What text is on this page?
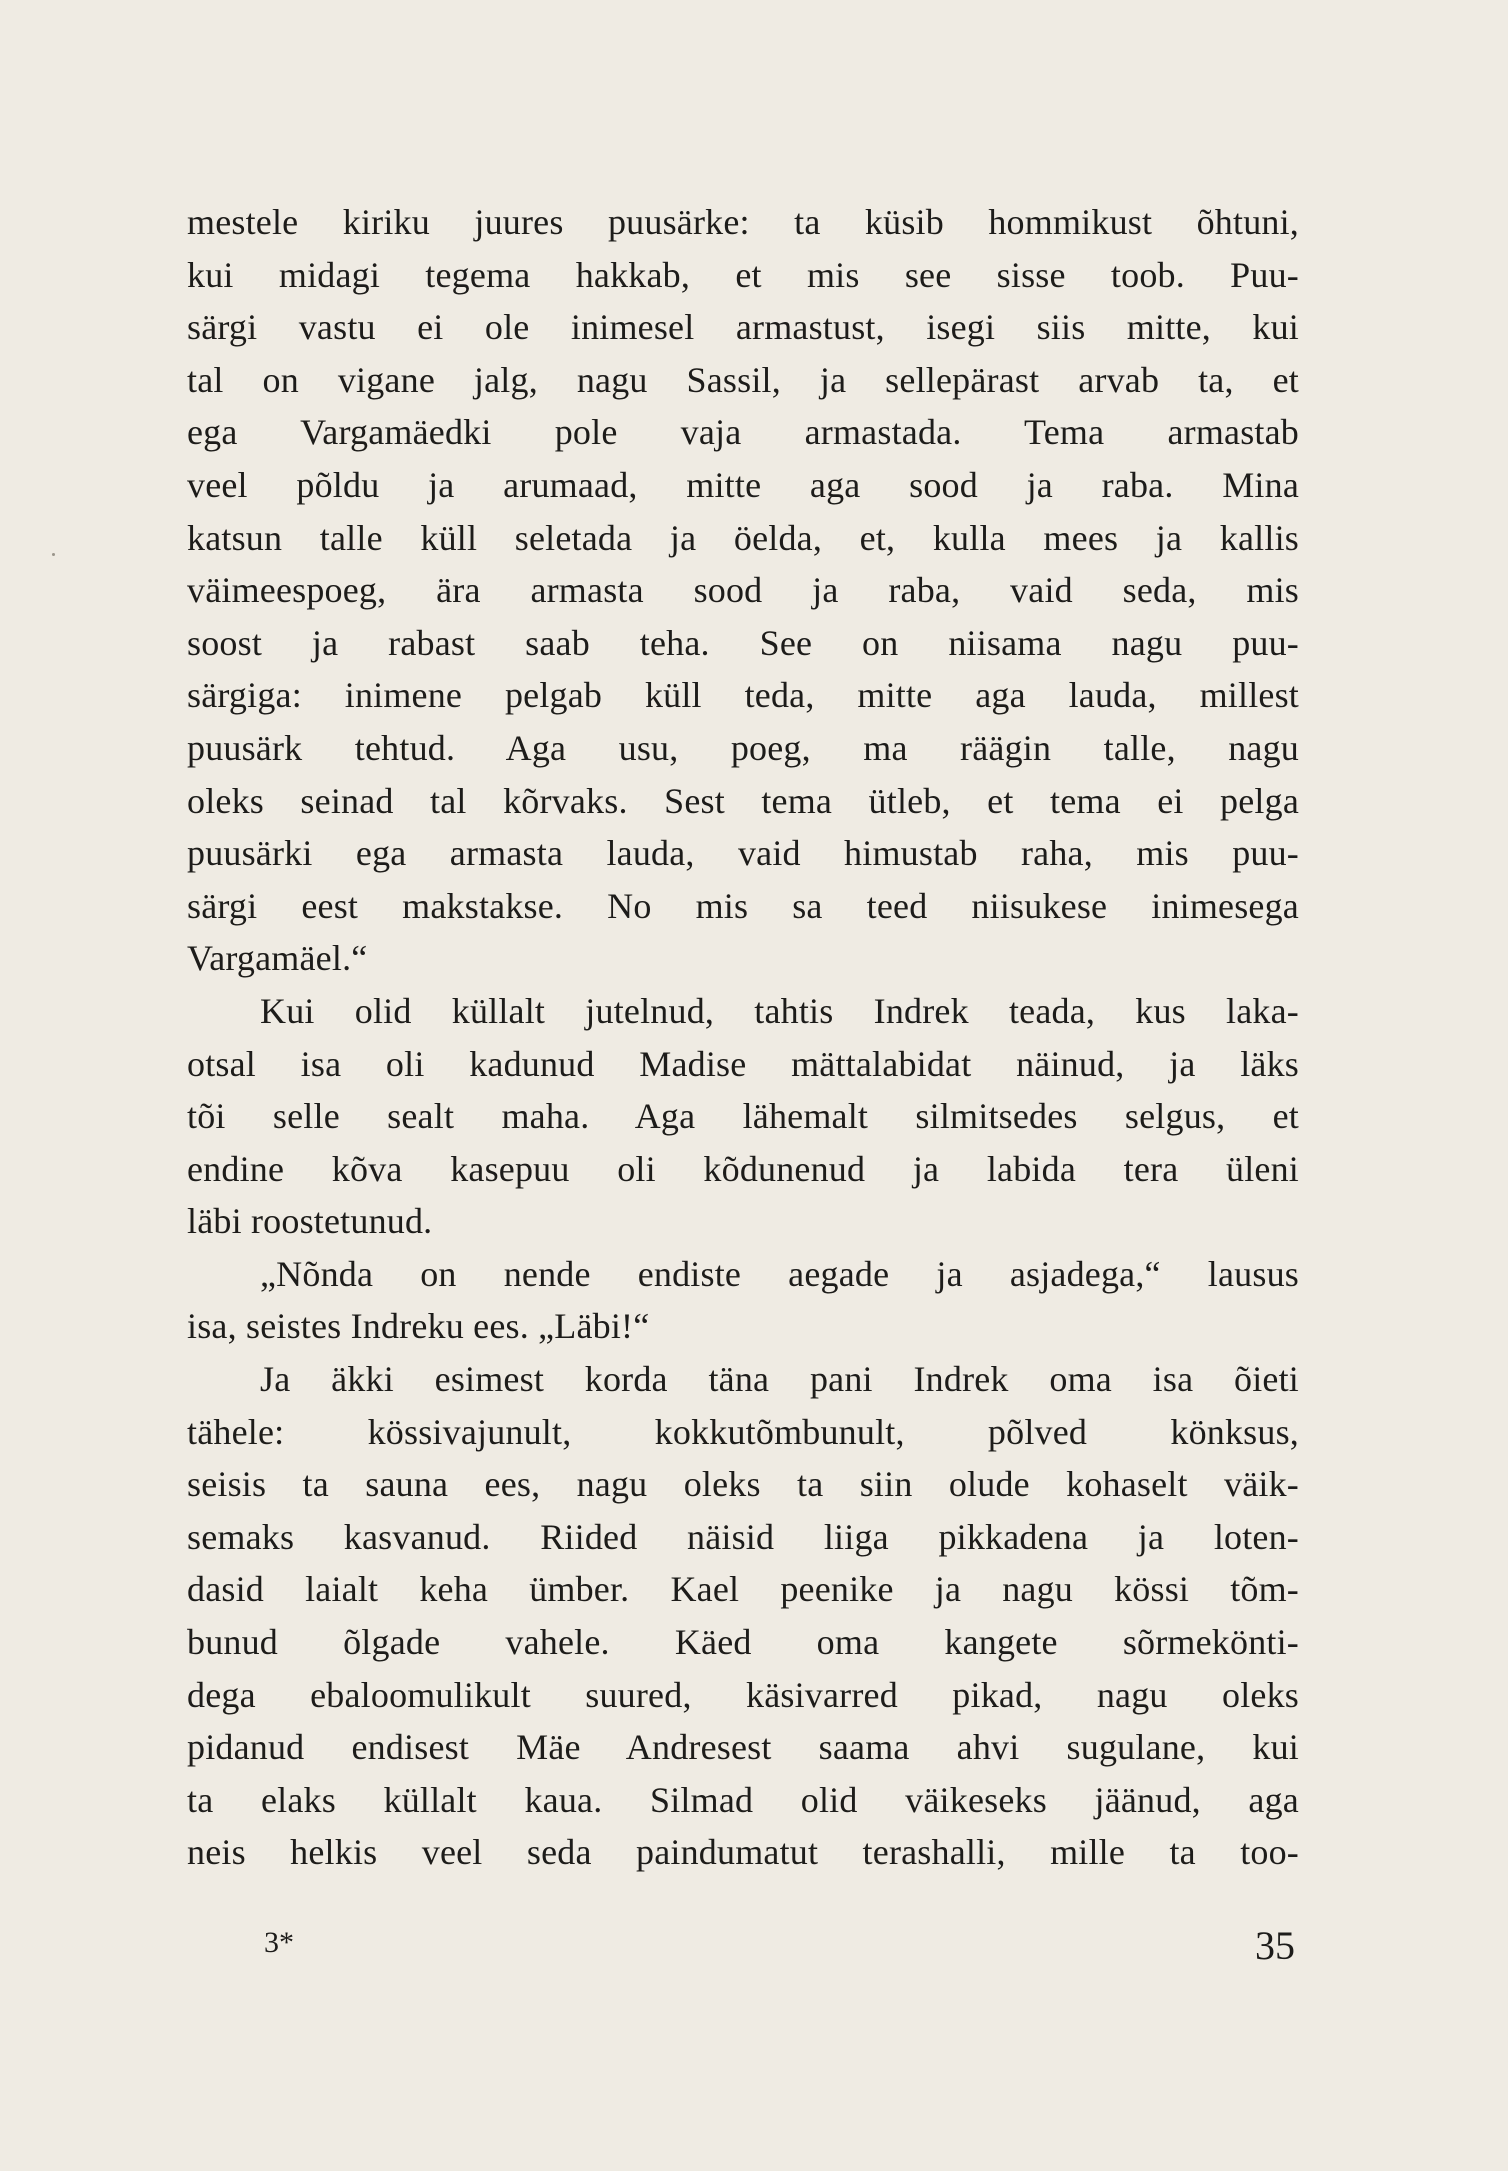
mestele kiriku juures puusärke: ta küsib hommikust õhtuni,
kui midagi tegema hakkab, et mis see sisse toob. Puu-
särgi vastu ei ole inimesel armastust, isegi siis mitte, kui
tal on vigane jalg, nagu Sassil, ja sellepärast arvab ta, et
ega Vargamäedki pole vaja armastada. Tema armastab
veel põldu ja arumaad, mitte aga sood ja raba. Mina
katsun talle küll seletada ja öelda, et, kulla mees ja kallis
väimeespoeg, ära armasta sood ja raba, vaid seda, mis
soost ja rabast saab teha. See on niisama nagu puu-
särgiga: inimene pelgab küll teda, mitte aga lauda, millest
puusärk tehtud. Aga usu, poeg, ma räägin talle, nagu
oleks seinad tal kõrvaks. Sest tema ütleb, et tema ei pelga
puusärki ega armasta lauda, vaid himustab raha, mis puu-
särgi eest makstakse. No mis sa teed niisukese inimesega
Vargamäel.“
Kui olid küllalt jutelnud, tahtis Indrek teada, kus laka-
otsal isa oli kadunud Madise mättalabidat näinud, ja läks
tõi selle sealt maha. Aga lähemalt silmitsedes selgus, et
endine kõva kasepuu oli kõdunenud ja labida tera üleni
läbi roostetunud.
„Nõnda on nende endiste aegade ja asjadega,“ lausus
isa, seistes Indreku ees. „Läbi!“
Ja äkki esimest korda täna pani Indrek oma isa õieti
tähele: kössivajunult, kokkutõmbunult, põlved könksus,
seisis ta sauna ees, nagu oleks ta siin olude kohaselt väik-
semaks kasvanud. Riided näisid liiga pikkadena ja loten-
dasid laialt keha ümber. Kael peenike ja nagu kössi tõm-
bunud õlgade vahele. Käed oma kangete sõrmekönti-
dega ebaloomulikult suured, käsivarred pikad, nagu oleks
pidanud endisest Mäe Andresest saama ahvi sugulane, kui
ta elaks küllalt kaua. Silmad olid väikeseks jäänud, aga
neis helkis veel seda paindumatut terashalli, mille ta too-
3*	35
